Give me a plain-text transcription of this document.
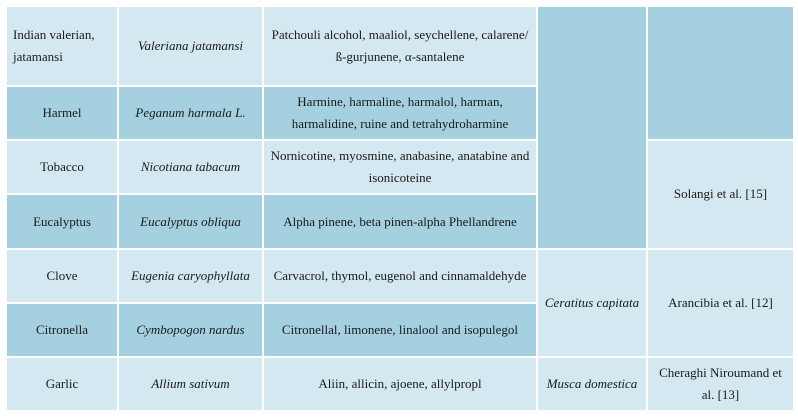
Indian valerian, jatamansi	Valeriana jatamansi	Patchouli alcohol, maaliol, seychellene, calarene/ß-gurjunene, α-santalene		
Harmel	Peganum harmala L.	Harmine, harmaline, harmalol, harman, harmalidine, ruine and tetrahydroharmine		
Tobacco	Nicotiana tabacum	Nornicotine, myosmine, anabasine, anatabine and isonicoteine		Solangi et al. [15]
Eucalyptus	Eucalyptus obliqua	Alpha pinene, beta pinen-alpha Phellandrene		
Clove	Eugenia caryophyllata	Carvacrol, thymol, eugenol and cinnamaldehyde	Ceratitus capitata	Arancibia et al. [12]
Citronella	Cymbopogon nardus	Citronellal, limonene, linalool and isopulegol		
Garlic	Allium sativum	Aliin, allicin, ajoene, allylpropl	Musca domestica	Cheraghi Niroumand et al. [13]
